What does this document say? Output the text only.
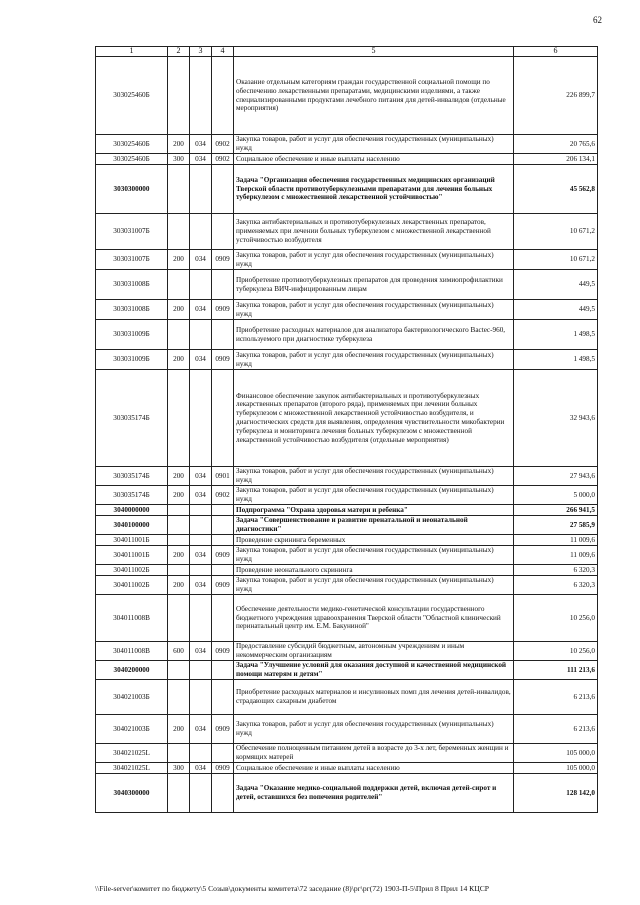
62
1	2	3	4	5	6
303025460Б				Оказание отдельным категориям граждан государственной социальной помощи по обеспечению лекарственными препаратами, медицинскими изделиями, а также специализированными продуктами лечебного питания для детей-инвалидов (отдельные мероприятия)	226 899,7
303025460Б	200	034	0902	Закупка товаров, работ и услуг для обеспечения государственных (муниципальных) нужд	20 765,6
303025460Б	300	034	0902	Социальное обеспечение и иные выплаты населению	206 134,1
3030300000				Задача "Организация обеспечения государственных медицинских организаций Тверской области противотуберкулезными препаратами для лечения больных туберкулезом с множественной лекарственной устойчивостью"	45 562,8
303031007Б				Закупка антибактериальных и противотуберкулезных лекарственных препаратов, применяемых при лечении больных туберкулезом с множественной лекарственной устойчивостью возбудителя	10 671,2
303031007Б	200	034	0909	Закупка товаров, работ и услуг для обеспечения государственных (муниципальных) нужд	10 671,2
303031008Б				Приобретение противотуберкулезных препаратов для проведения химиопрофилактики туберкулеза ВИЧ-инфицированным лицам	449,5
303031008Б	200	034	0909	Закупка товаров, работ и услуг для обеспечения государственных (муниципальных) нужд	449,5
303031009Б				Приобретение расходных материалов для анализатора бактериологического Bactec-960, используемого при диагностике туберкулеза	1 498,5
303031009Б	200	034	0909	Закупка товаров, работ и услуг для обеспечения государственных (муниципальных) нужд	1 498,5
303035174Б				Финансовое обеспечение закупок антибактериальных и противотуберкулезных лекарственных препаратов (второго ряда), применяемых при лечении больных туберкулезом с множественной лекарственной устойчивостью возбудителя, и диагностических средств для выявления, определения чувствительности микобактерии туберкулеза и мониторинга лечения больных туберкулезом с множественной лекарственной устойчивостью возбудителя (отдельные мероприятия)	32 943,6
303035174Б	200	034	0901	Закупка товаров, работ и услуг для обеспечения государственных (муниципальных) нужд	27 943,6
303035174Б	200	034	0902	Закупка товаров, работ и услуг для обеспечения государственных (муниципальных) нужд	5 000,0
3040000000				Подпрограмма "Охрана здоровья матери и ребенка"	266 941,5
3040100000				Задача "Совершенствование и развитие пренатальной и неонатальной диагностики"	27 585,9
304011001Б				Проведение скрининга беременных	11 009,6
304011001Б	200	034	0909	Закупка товаров, работ и услуг для обеспечения государственных (муниципальных) нужд	11 009,6
304011002Б				Проведение неонатального скрининга	6 320,3
304011002Б	200	034	0909	Закупка товаров, работ и услуг для обеспечения государственных (муниципальных) нужд	6 320,3
304011008В				Обеспечение деятельности медико-генетической консультации государственного бюджетного учреждения здравоохранения Тверской области "Областной клинический перинатальный центр им. Е.М. Бакуниной"	10 256,0
304011008В	600	034	0909	Предоставление субсидий бюджетным, автономным учреждениям и иным некоммерческим организациям	10 256,0
3040200000				Задача "Улучшение условий для оказания доступной и качественной медицинской помощи матерям и детям"	111 213,6
304021003Б				Приобретение расходных материалов и инсулиновых помп для лечения детей-инвалидов, страдающих сахарным диабетом	6 213,6
304021003Б	200	034	0909	Закупка товаров, работ и услуг для обеспечения государственных (муниципальных) нужд	6 213,6
304021025L				Обеспечение полноценным питанием детей в возрасте до 3-х лет, беременных женщин и кормящих матерей	105 000,0
304021025L	300	034	0909	Социальное обеспечение и иные выплаты населению	105 000,0
3040300000				Задача "Оказание медико-социальной поддержки детей, включая детей-сирот и детей, оставшихся без попечения родителей"	128 142,0
\\File-server\комитет по бюджету\5 Созыв\документы комитета\72 заседание (8)\рг\рг(72) 1903-П-5\Прил 8 Прил 14 КЦСР
